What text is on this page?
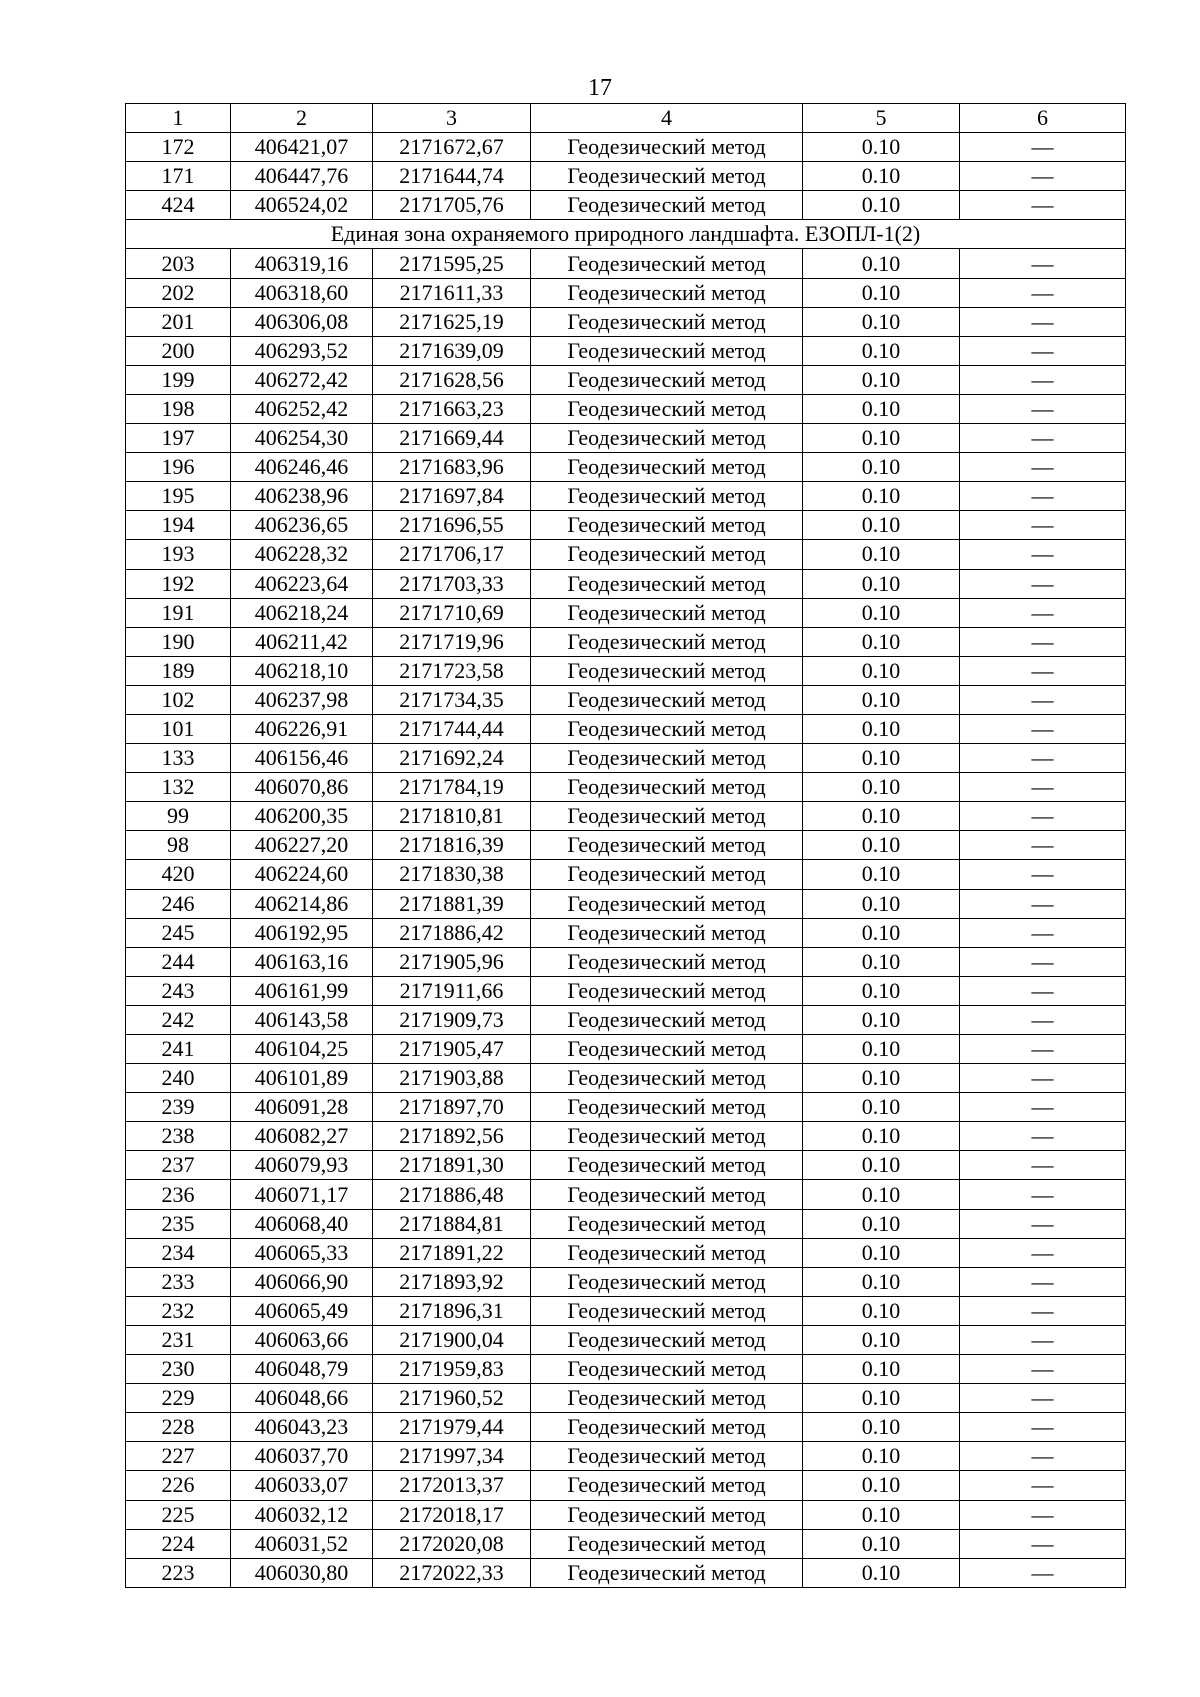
17
1	2	3	4	5	6
172	406421,07	2171672,67	Геодезический метод	0.10	—
171	406447,76	2171644,74	Геодезический метод	0.10	—
424	406524,02	2171705,76	Геодезический метод	0.10	—
Единая зона охраняемого природного ландшафта. ЕЗОПЛ-1(2)					
203	406319,16	2171595,25	Геодезический метод	0.10	—
202	406318,60	2171611,33	Геодезический метод	0.10	—
201	406306,08	2171625,19	Геодезический метод	0.10	—
200	406293,52	2171639,09	Геодезический метод	0.10	—
199	406272,42	2171628,56	Геодезический метод	0.10	—
198	406252,42	2171663,23	Геодезический метод	0.10	—
197	406254,30	2171669,44	Геодезический метод	0.10	—
196	406246,46	2171683,96	Геодезический метод	0.10	—
195	406238,96	2171697,84	Геодезический метод	0.10	—
194	406236,65	2171696,55	Геодезический метод	0.10	—
193	406228,32	2171706,17	Геодезический метод	0.10	—
192	406223,64	2171703,33	Геодезический метод	0.10	—
191	406218,24	2171710,69	Геодезический метод	0.10	—
190	406211,42	2171719,96	Геодезический метод	0.10	—
189	406218,10	2171723,58	Геодезический метод	0.10	—
102	406237,98	2171734,35	Геодезический метод	0.10	—
101	406226,91	2171744,44	Геодезический метод	0.10	—
133	406156,46	2171692,24	Геодезический метод	0.10	—
132	406070,86	2171784,19	Геодезический метод	0.10	—
99	406200,35	2171810,81	Геодезический метод	0.10	—
98	406227,20	2171816,39	Геодезический метод	0.10	—
420	406224,60	2171830,38	Геодезический метод	0.10	—
246	406214,86	2171881,39	Геодезический метод	0.10	—
245	406192,95	2171886,42	Геодезический метод	0.10	—
244	406163,16	2171905,96	Геодезический метод	0.10	—
243	406161,99	2171911,66	Геодезический метод	0.10	—
242	406143,58	2171909,73	Геодезический метод	0.10	—
241	406104,25	2171905,47	Геодезический метод	0.10	—
240	406101,89	2171903,88	Геодезический метод	0.10	—
239	406091,28	2171897,70	Геодезический метод	0.10	—
238	406082,27	2171892,56	Геодезический метод	0.10	—
237	406079,93	2171891,30	Геодезический метод	0.10	—
236	406071,17	2171886,48	Геодезический метод	0.10	—
235	406068,40	2171884,81	Геодезический метод	0.10	—
234	406065,33	2171891,22	Геодезический метод	0.10	—
233	406066,90	2171893,92	Геодезический метод	0.10	—
232	406065,49	2171896,31	Геодезический метод	0.10	—
231	406063,66	2171900,04	Геодезический метод	0.10	—
230	406048,79	2171959,83	Геодезический метод	0.10	—
229	406048,66	2171960,52	Геодезический метод	0.10	—
228	406043,23	2171979,44	Геодезический метод	0.10	—
227	406037,70	2171997,34	Геодезический метод	0.10	—
226	406033,07	2172013,37	Геодезический метод	0.10	—
225	406032,12	2172018,17	Геодезический метод	0.10	—
224	406031,52	2172020,08	Геодезический метод	0.10	—
223	406030,80	2172022,33	Геодезический метод	0.10	—
